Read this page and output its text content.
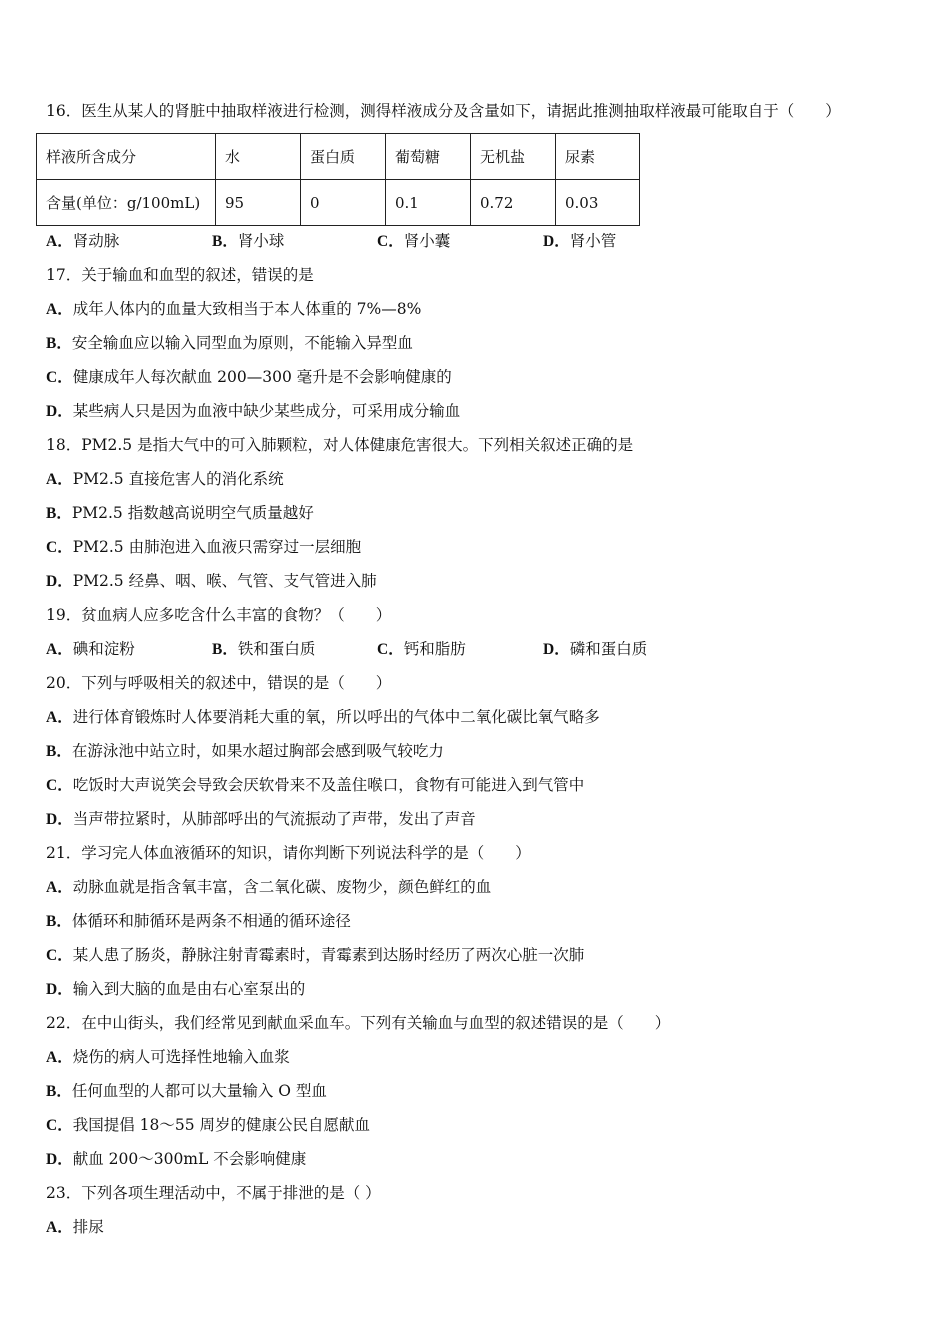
16．医生从某人的肾脏中抽取样液进行检测，测得样液成分及含量如下，请据此推测抽取样液最可能取自于（　　）
样液所含成分	水	蛋白质	葡萄糖	无机盐	尿素
含量(单位：g/100mL)	95	0	0.1	0.72	0.03
A．肾动脉	B．肾小球	C．肾小囊	D．肾小管
17．关于输血和血型的叙述，错误的是
A．成年人体内的血量大致相当于本人体重的 7%—8%
B．安全输血应以输入同型血为原则，不能输入异型血
C．健康成年人每次献血 200—300 毫升是不会影响健康的
D．某些病人只是因为血液中缺少某些成分，可采用成分输血
18．PM2.5 是指大气中的可入肺颗粒，对人体健康危害很大。下列相关叙述正确的是
A．PM2.5 直接危害人的消化系统
B．PM2.5 指数越高说明空气质量越好
C．PM2.5 由肺泡进入血液只需穿过一层细胞
D．PM2.5 经鼻、咽、喉、气管、支气管进入肺
19．贫血病人应多吃含什么丰富的食物？（　　）
A．碘和淀粉	B．铁和蛋白质	C．钙和脂肪	D．磷和蛋白质
20．下列与呼吸相关的叙述中，错误的是（　　）
A．进行体育锻炼时人体要消耗大重的氧，所以呼出的气体中二氧化碳比氧气略多
B．在游泳池中站立时，如果水超过胸部会感到吸气较吃力
C．吃饭时大声说笑会导致会厌软骨来不及盖住喉口，食物有可能进入到气管中
D．当声带拉紧时，从肺部呼出的气流振动了声带，发出了声音
21．学习完人体血液循环的知识，请你判断下列说法科学的是（　　）
A．动脉血就是指含氧丰富，含二氧化碳、废物少，颜色鲜红的血
B．体循环和肺循环是两条不相通的循环途径
C．某人患了肠炎，静脉注射青霉素时，青霉素到达肠时经历了两次心脏一次肺
D．输入到大脑的血是由右心室泵出的
22．在中山街头，我们经常见到献血采血车。下列有关输血与血型的叙述错误的是（　　）
A．烧伤的病人可选择性地输入血浆
B．任何血型的人都可以大量输入 O 型血
C．我国提倡 18～55 周岁的健康公民自愿献血
D．献血 200～300mL 不会影响健康
23．下列各项生理活动中，不属于排泄的是（ ）
A．排尿
